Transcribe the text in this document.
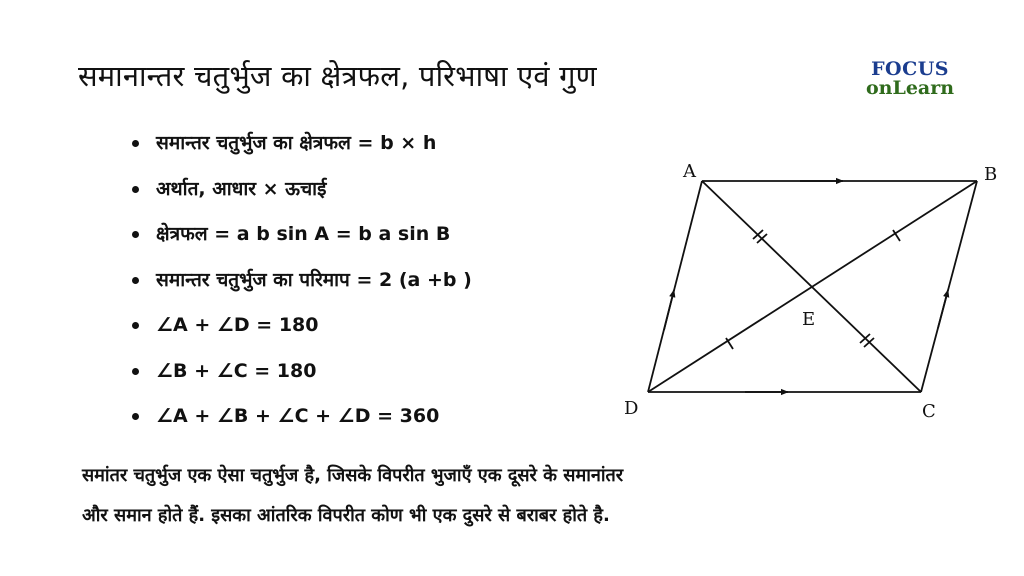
समानान्तर चतुर्भुज का क्षेत्रफल, परिभाषा एवं गुण	FOCUS
onLearn
समान्तर चतुर्भुज का क्षेत्रफल = b × h
अर्थात, आधार × ऊचाई
क्षेत्रफल = a b sin A = b a sin B
समान्तर चतुर्भुज का परिमाप = 2 (a +b )
∠A + ∠D = 180
∠B + ∠C = 180
∠A + ∠B + ∠C + ∠D = 360
A	B
C
D
E
समांतर चतुर्भुज एक ऐसा चतुर्भुज है, जिसके विपरीत भुजाएँ एक दूसरे के समानांतर
और समान होते हैं. इसका आंतरिक विपरीत कोण भी एक दुसरे से बराबर होते है.
